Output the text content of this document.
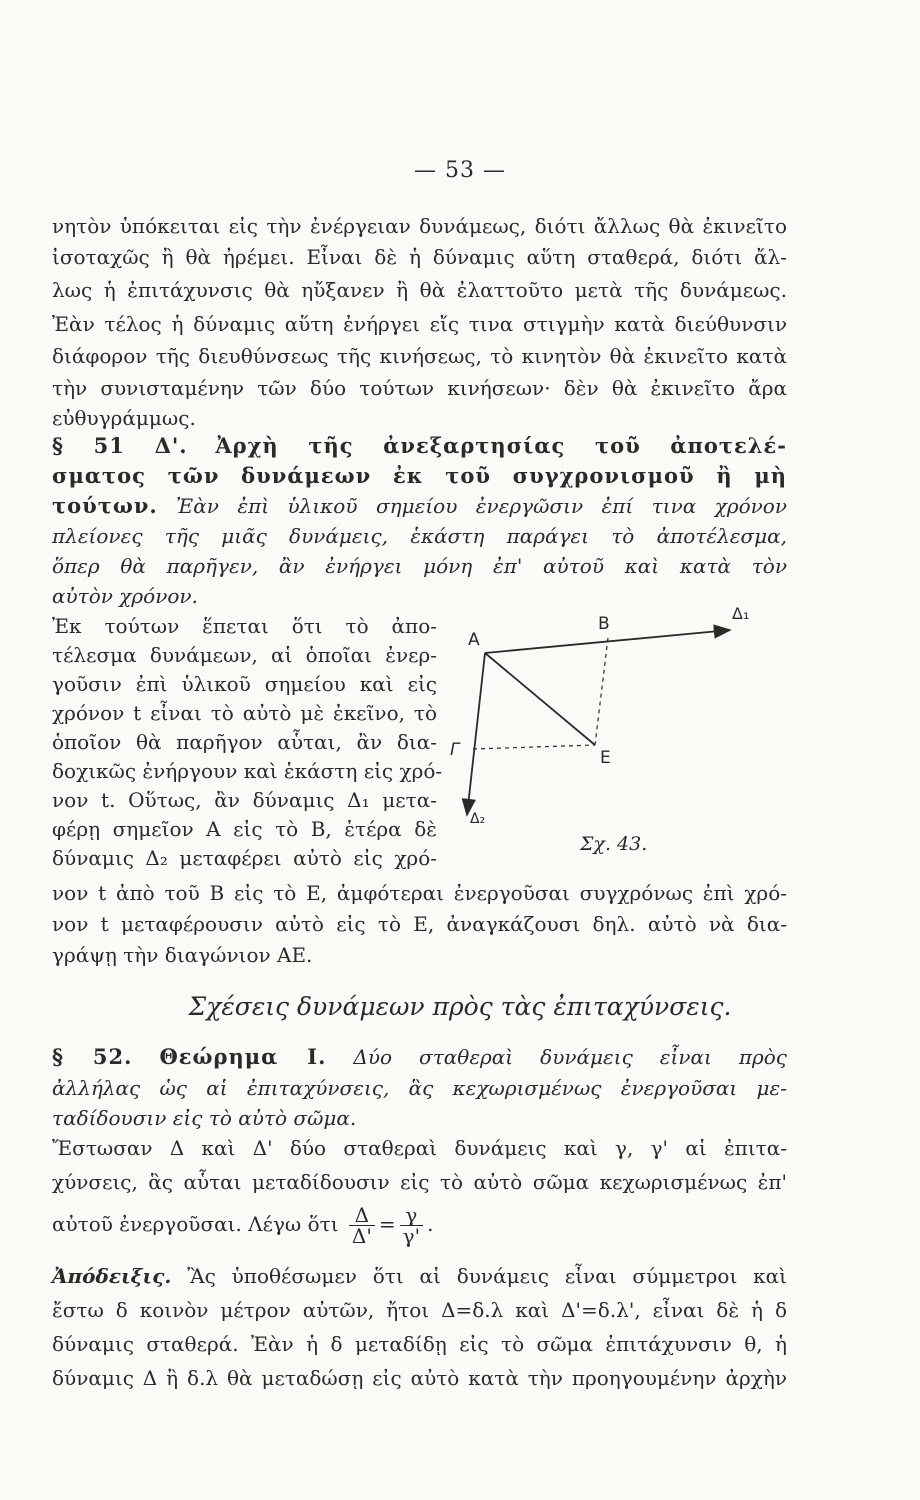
— 53 —
νητὸν ὑπόκειται εἰς τὴν ἐνέργειαν δυνάμεως, διότι ἄλλως θὰ ἐκινεῖτο
ἰσοταχῶς ἢ θὰ ἠρέμει. Εἶναι δὲ ἡ δύναμις αὕτη σταθερά, διότι ἄλ-
λως ἡ ἐπιτάχυνσις θὰ ηὔξανεν ἢ θὰ ἐλαττοῦτο μετὰ τῆς δυνάμεως.
Ἐὰν τέλος ἡ δύναμις αὕτη ἐνήργει εἴς τινα στιγμὴν κατὰ διεύθυνσιν
διάφορον τῆς διευθύνσεως τῆς κινήσεως, τὸ κινητὸν θὰ ἐκινεῖτο κατὰ
τὴν συνισταμένην τῶν δύο τούτων κινήσεων· δὲν θὰ ἐκινεῖτο ἄρα
εὐθυγράμμως.
§ 51 Δ'. Ἀρχὴ τῆς ἀνεξαρτησίας τοῦ ἀποτελέ-
σματος τῶν δυνάμεων ἐκ τοῦ συγχρονισμοῦ ἢ μὴ
τούτων. Ἐὰν ἐπὶ ὑλικοῦ σημείου ἐνεργῶσιν ἐπί τινα χρόνον
πλείονες τῆς μιᾶς δυνάμεις, ἑκάστη παράγει τὸ ἀποτέλεσμα,
ὅπερ θὰ παρῆγεν, ἂν ἐνήργει μόνη ἐπ' αὐτοῦ καὶ κατὰ τὸν
αὐτὸν χρόνον.
Ἐκ τούτων ἕπεται ὅτι τὸ ἀπο-
τέλεσμα δυνάμεων, αἱ ὁποῖαι ἐνερ-
γοῦσιν ἐπὶ ὑλικοῦ σημείου καὶ εἰς
χρόνον t εἶναι τὸ αὐτὸ μὲ ἐκεῖνο, τὸ
ὁποῖον θὰ παρῆγον αὗται, ἂν δια-
δοχικῶς ἐνήργουν καὶ ἑκάστη εἰς χρό-
νον t. Οὕτως, ἂν δύναμις Δ₁ μετα-
φέρῃ σημεῖον Α εἰς τὸ Β, ἑτέρα δὲ
δύναμις Δ₂ μεταφέρει αὐτὸ εἰς χρό-
Α
Β
Δ₁
Γ	Ε
Δ₂
Σχ. 43.
νον t ἀπὸ τοῦ Β εἰς τὸ Ε, ἀμφότεραι ἐνεργοῦσαι συγχρόνως ἐπὶ χρό-
νον t μεταφέρουσιν αὐτὸ εἰς τὸ Ε, ἀναγκάζουσι δηλ. αὐτὸ νὰ δια-
γράψῃ τὴν διαγώνιον ΑΕ.
Σχέσεις δυνάμεων πρὸς τὰς ἐπιταχύνσεις.
§ 52. Θεώρημα I. Δύο σταθεραὶ δυνάμεις εἶναι πρὸς
ἀλλήλας ὡς αἱ ἐπιταχύνσεις, ἃς κεχωρισμένως ἐνεργοῦσαι με-
ταδίδουσιν εἰς τὸ αὐτὸ σῶμα.
Ἔστωσαν Δ καὶ Δ' δύο σταθεραὶ δυνάμεις καὶ γ, γ' αἱ ἐπιτα-
χύνσεις, ἃς αὗται μεταδίδουσιν εἰς τὸ αὐτὸ σῶμα κεχωρισμένως ἐπ'
αὐτοῦ ἐνεργοῦσαι. Λέγω ὅτι $\frac{\Delta}{\Delta'} = \frac{\gamma}{\gamma'}$ .
Ἀπόδειξις. Ἂς ὑποθέσωμεν ὅτι αἱ δυνάμεις εἶναι σύμμετροι καὶ
ἔστω δ κοινὸν μέτρον αὐτῶν, ἤτοι Δ=δ.λ καὶ Δ'=δ.λ', εἶναι δὲ ἡ δ
δύναμις σταθερά. Ἐὰν ἡ δ μεταδίδῃ εἰς τὸ σῶμα ἐπιτάχυνσιν θ, ἡ
δύναμις Δ ἢ δ.λ θὰ μεταδώσῃ εἰς αὐτὸ κατὰ τὴν προηγουμένην ἀρχὴν
